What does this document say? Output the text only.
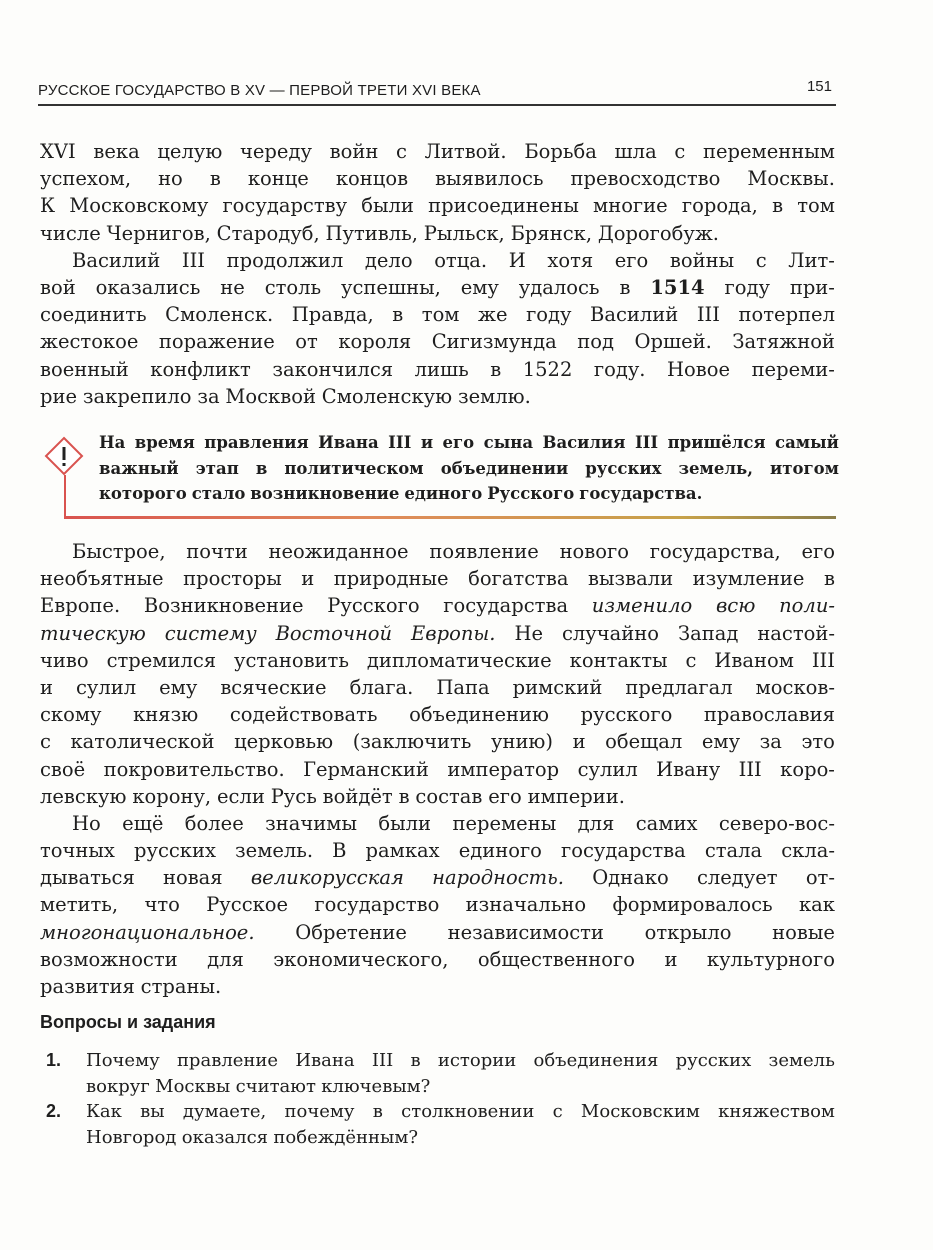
РУССКОЕ ГОСУДАРСТВО В XV — ПЕРВОЙ ТРЕТИ XVI ВЕКА	151
XVI века целую череду войн с Литвой. Борьба шла с переменным
успехом, но в конце концов выявилось превосходство Москвы.
К Московскому государству были присоединены многие города, в том
числе Чернигов, Стародуб, Путивль, Рыльск, Брянск, Дорогобуж.
Василий III продолжил дело отца. И хотя его войны с Лит-
вой оказались не столь успешны, ему удалось в 1514 году при-
соединить Смоленск. Правда, в том же году Василий III потерпел
жестокое поражение от короля Сигизмунда под Оршей. Затяжной
военный конфликт закончился лишь в 1522 году. Новое переми-
рие закрепило за Москвой Смоленскую землю.
На время правления Ивана III и его сына Василия III пришёлся самый
важный этап в политическом объединении русских земель, итогом
которого стало возникновение единого Русского государства.
Быстрое, почти неожиданное появление нового государства, его
необъятные просторы и природные богатства вызвали изумление в
Европе. Возникновение Русского государства изменило всю поли-
тическую систему Восточной Европы. Не случайно Запад настой-
чиво стремился установить дипломатические контакты с Иваном III
и сулил ему всяческие блага. Папа римский предлагал москов-
скому князю содействовать объединению русского православия
с католической церковью (заключить унию) и обещал ему за это
своё покровительство. Германский император сулил Ивану III коро-
левскую корону, если Русь войдёт в состав его империи.
Но ещё более значимы были перемены для самих северо-вос-
точных русских земель. В рамках единого государства стала скла-
дываться новая великорусская народность. Однако следует от-
метить, что Русское государство изначально формировалось как
многонациональное. Обретение независимости открыло новые
возможности для экономического, общественного и культурного
развития страны.
Вопросы и задания
1. Почему правление Ивана III в истории объединения русских земель
вокруг Москвы считают ключевым?
2. Как вы думаете, почему в столкновении с Московским княжеством
Новгород оказался побеждённым?
